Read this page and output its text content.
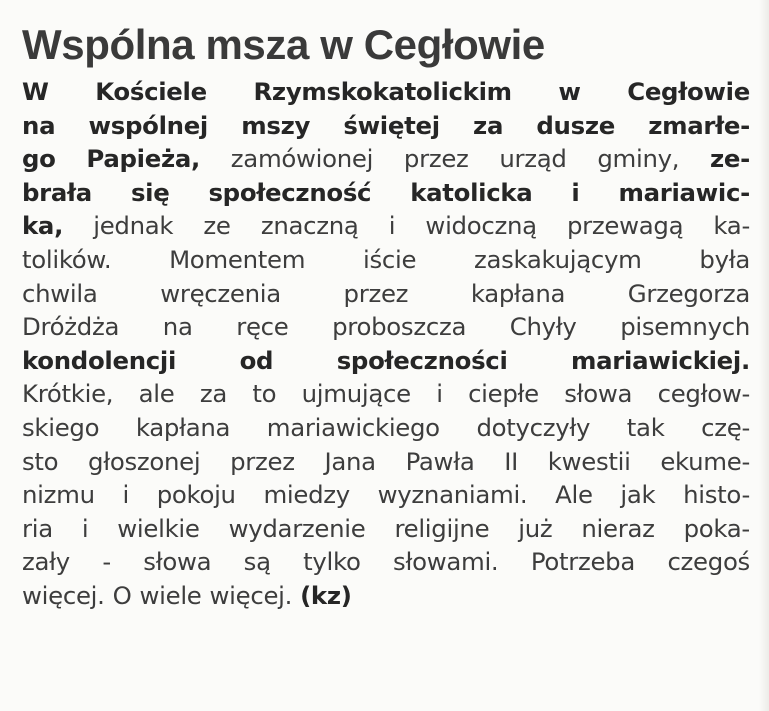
Wspólna msza w Cegłowie
W Kościele Rzymskokatolickim w Cegłowie
na wspólnej mszy świętej za dusze zmarłe-
go Papieża, zamówionej przez urząd gminy, ze-
brała się społeczność katolicka i mariawic-
ka, jednak ze znaczną i widoczną przewagą ka-
tolików. Momentem iście zaskakującym była
chwila	wręczenia	przez	kapłana	Grzegorza
Dróżdża na ręce proboszcza Chyły pisemnych
kondolencji	od	społeczności	mariawickiej.
Krótkie, ale za to ujmujące i ciepłe słowa cegłow-
skiego kapłana mariawickiego dotyczyły tak czę-
sto głoszonej przez Jana Pawła II kwestii ekume-
nizmu i pokoju miedzy wyznaniami. Ale jak histo-
ria i wielkie wydarzenie religijne już nieraz poka-
zały - słowa są tylko słowami. Potrzeba czegoś
więcej. O wiele więcej. (kz)
